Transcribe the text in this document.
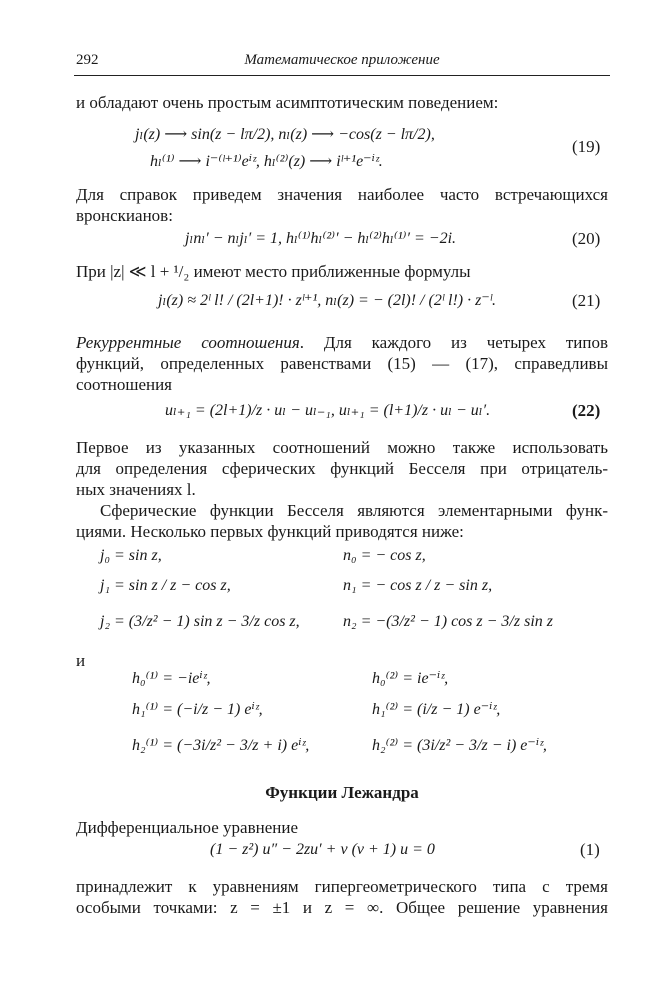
292	Математическое приложение
и обладают очень простым асимптотическим поведением:
jₗ(z) ⟶ sin(z − lπ/2), nₗ(z) ⟶ −cos(z − lπ/2),
hₗ⁽¹⁾ ⟶ i⁻⁽ˡ⁺¹⁾eⁱᶻ, hₗ⁽²⁾(z) ⟶ iˡ⁺¹e⁻ⁱᶻ.
(19)
Для справок приведем значения наиболее часто встречающихся
вронскианов:
jₗnₗ′ − nₗjₗ′ = 1, hₗ⁽¹⁾hₗ⁽²⁾′ − hₗ⁽²⁾hₗ⁽¹⁾′ = −2i.	(20)
При |z| ≪ l + ¹/₂ имеют место приближенные формулы
jₗ(z) ≈ 2ˡ l! / (2l+1)! · zˡ⁺¹, nₗ(z) = − (2l)! / (2ˡ l!) · z⁻ˡ.	(21)
Рекуррентные соотношения. Для каждого из четырех типов
функций, определенных равенствами (15) — (17), справедливы
соотношения
uₗ₊₁ = (2l+1)/z · uₗ − uₗ₋₁, uₗ₊₁ = (l+1)/z · uₗ − uₗ′.	(22)
Первое из указанных соотношений можно также использовать
для определения сферических функций Бесселя при отрицатель-
ных значениях l.
Сферические функции Бесселя являются элементарными функ-
циями. Несколько первых функций приводятся ниже:
j₀ = sin z,	n₀ = − cos z,
j₁ = sin z / z − cos z,	n₁ = − cos z / z − sin z,
j₂ = (3/z² − 1) sin z − 3/z cos z,	n₂ = −(3/z² − 1) cos z − 3/z sin z
и
h₀⁽¹⁾ = −ieⁱᶻ,	h₀⁽²⁾ = ie⁻ⁱᶻ,
h₁⁽¹⁾ = (−i/z − 1) eⁱᶻ,	h₁⁽²⁾ = (i/z − 1) e⁻ⁱᶻ,
h₂⁽¹⁾ = (−3i/z² − 3/z + i) eⁱᶻ,	h₂⁽²⁾ = (3i/z² − 3/z − i) e⁻ⁱᶻ,
Функции Лежандра
Дифференциальное уравнение
(1 − z²) u″ − 2zu′ + ν (ν + 1) u = 0	(1)
принадлежит к уравнениям гипергеометрического типа с тремя
особыми точками: z = ±1 и z = ∞. Общее решение уравнения
